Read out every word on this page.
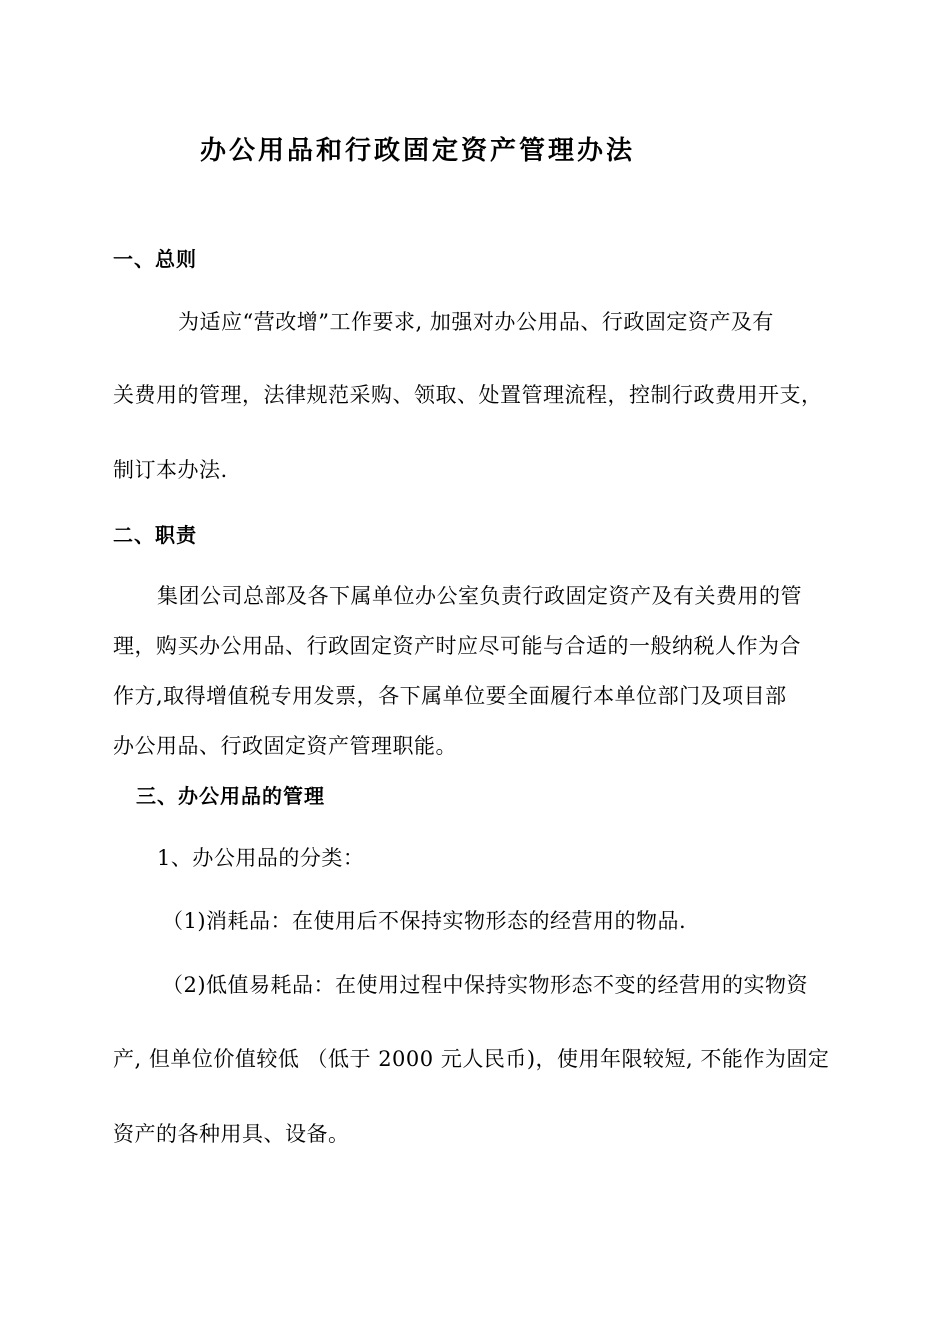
办公用品和行政固定资产管理办法
一、总则
为适应“营改增”工作要求, 加强对办公用品、行政固定资产及有
关费用的管理，法律规范采购、领取、处置管理流程，控制行政费用开支，
制订本办法.
二、职责
集团公司总部及各下属单位办公室负责行政固定资产及有关费用的管
理，购买办公用品、行政固定资产时应尽可能与合适的一般纳税人作为合
作方,取得增值税专用发票，各下属单位要全面履行本单位部门及项目部
办公用品、行政固定资产管理职能。
三、办公用品的管理
1、办公用品的分类：
（1)消耗品：在使用后不保持实物形态的经营用的物品.
（2)低值易耗品：在使用过程中保持实物形态不变的经营用的实物资
产, 但单位价值较低 （低于 2000 元人民币)，使用年限较短, 不能作为固定
资产的各种用具、设备。
